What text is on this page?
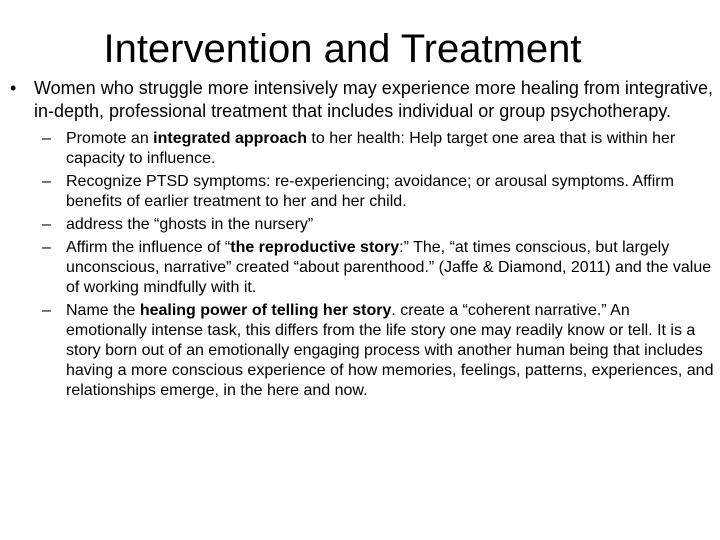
Intervention and Treatment
• Women who struggle more intensively may experience more healing from integrative, in-depth, professional treatment that includes individual or group psychotherapy.
– Promote an integrated approach to her health: Help target one area that is within her capacity to influence.
– Recognize PTSD symptoms: re-experiencing; avoidance; or arousal symptoms. Affirm benefits of earlier treatment to her and her child.
– address the “ghosts in the nursery”
– Affirm the influence of “the reproductive story:” The, “at times conscious, but largely unconscious, narrative” created “about parenthood.” (Jaffe & Diamond, 2011) and the value of working mindfully with it.
– Name the healing power of telling her story. create a “coherent narrative.” An emotionally intense task, this differs from the life story one may readily know or tell. It is a story born out of an emotionally engaging process with another human being that includes having a more conscious experience of how memories, feelings, patterns, experiences, and relationships emerge, in the here and now.
